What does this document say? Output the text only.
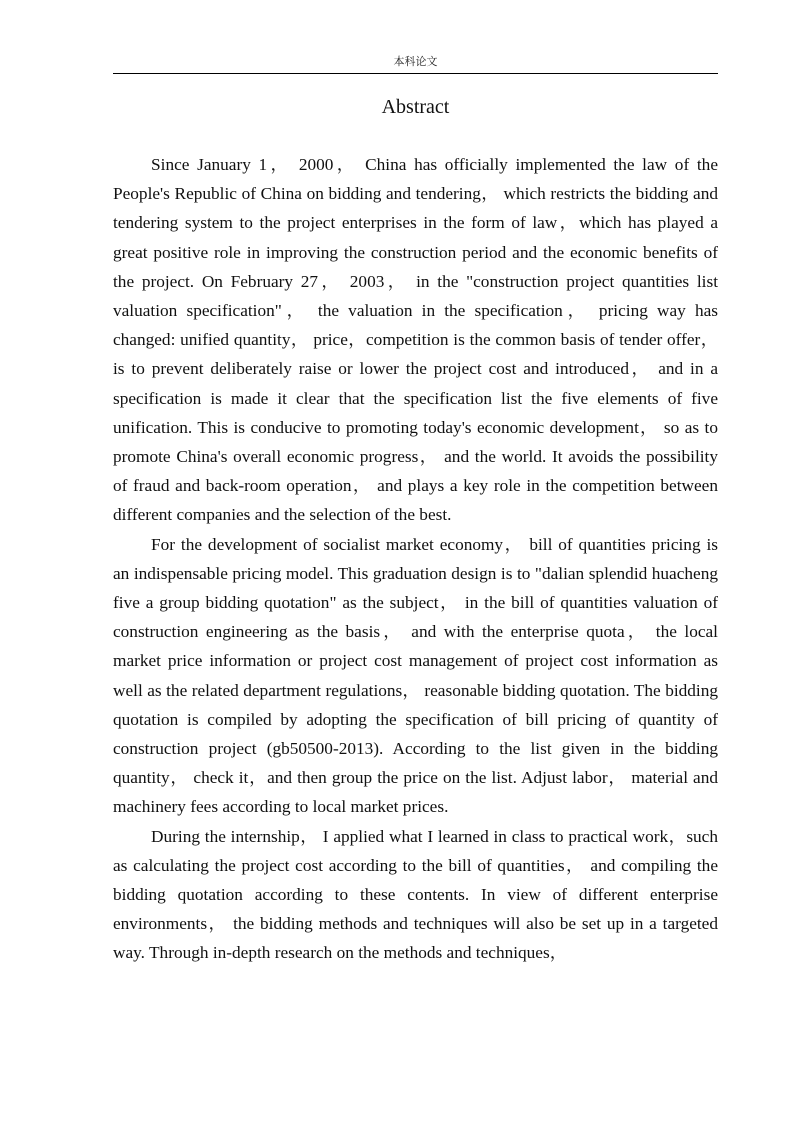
本科论文
Abstract

Since January 1， 2000， China has officially implemented the law of the People's Republic of China on bidding and tendering， which restricts the bidding and tendering system to the project enterprises in the form of law，which has played a great positive role in improving the construction period and the economic benefits of the project. On February 27， 2003， in the "construction project quantities list valuation specification"， the valuation in the specification， pricing way has changed: unified quantity， price，competition is the common basis of tender offer， is to prevent deliberately raise or lower the project cost and introduced， and in a specification is made it clear that the specification list the five elements of five unification. This is conducive to promoting today's economic development， so as to promote China's overall economic progress， and the world. It avoids the possibility of fraud and back-room operation， and plays a key role in the competition between different companies and the selection of the best.

For the development of socialist market economy， bill of quantities pricing is an indispensable pricing model. This graduation design is to "dalian splendid huacheng five a group bidding quotation" as the subject， in the bill of quantities valuation of construction engineering as the basis， and with the enterprise quota， the local market price information or project cost management of project cost information as well as the related department regulations， reasonable bidding quotation. The bidding quotation is compiled by adopting the specification of bill pricing of quantity of construction project (gb50500-2013). According to the list given in the bidding quantity， check it，and then group the price on the list. Adjust labor， material and machinery fees according to local market prices.

During the internship， I applied what I learned in class to practical work，such as calculating the project cost according to the bill of quantities， and compiling the bidding quotation according to these contents. In view of different enterprise environments， the bidding methods and techniques will also be set up in a targeted way. Through in-depth research on the methods and techniques，
